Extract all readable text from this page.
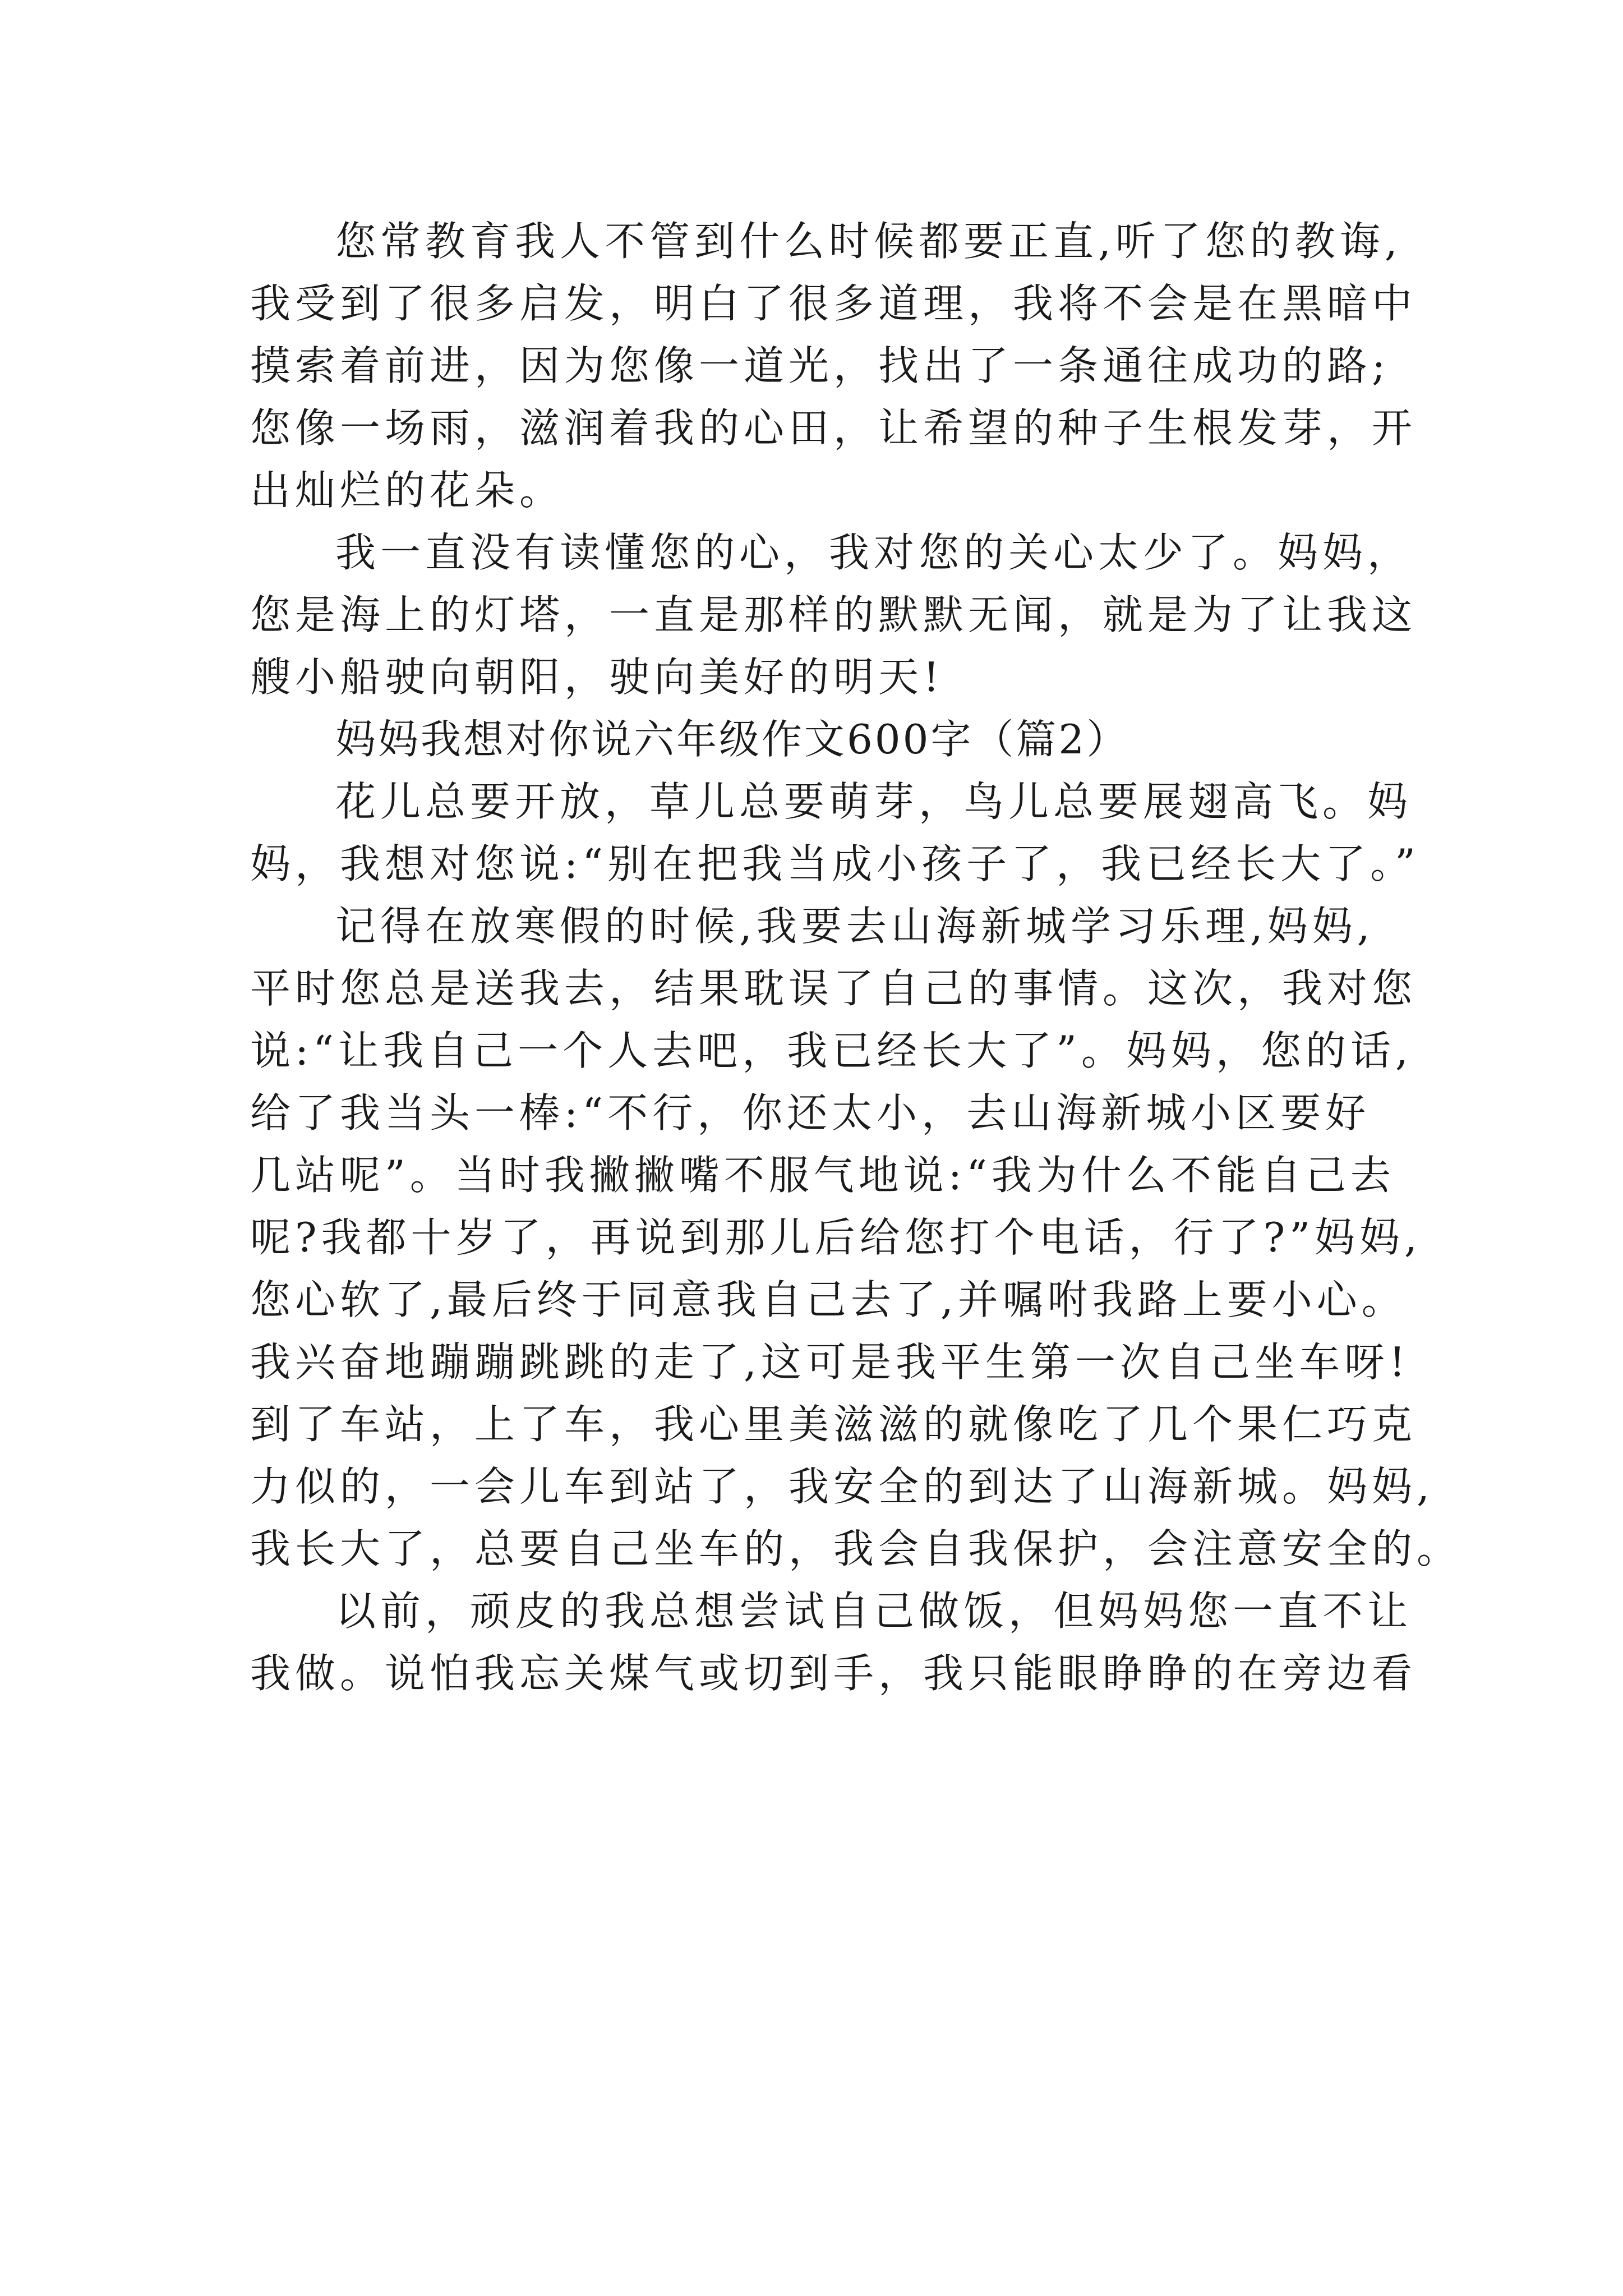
您常教育我人不管到什么时候都要正直,听了您的教诲,
我受到了很多启发，明白了很多道理，我将不会是在黑暗中
摸索着前进，因为您像一道光，找出了一条通往成功的路;
您像一场雨，滋润着我的心田，让希望的种子生根发芽，开
出灿烂的花朵。

我一直没有读懂您的心，我对您的关心太少了。妈妈，
您是海上的灯塔，一直是那样的默默无闻，就是为了让我这
艘小船驶向朝阳，驶向美好的明天!

妈妈我想对你说六年级作文600字（篇2）

花儿总要开放，草儿总要萌芽，鸟儿总要展翅高飞。妈
妈，我想对您说:“别在把我当成小孩子了，我已经长大了。”

记得在放寒假的时候,我要去山海新城学习乐理,妈妈,
平时您总是送我去，结果耽误了自己的事情。这次，我对您
说:“让我自己一个人去吧，我已经长大了”。妈妈，您的话,
给了我当头一棒:“不行，你还太小，去山海新城小区要好
几站呢”。当时我撇撇嘴不服气地说:“我为什么不能自己去
呢?我都十岁了，再说到那儿后给您打个电话，行了?”妈妈,
您心软了,最后终于同意我自己去了,并嘱咐我路上要小心。
我兴奋地蹦蹦跳跳的走了,这可是我平生第一次自己坐车呀!
到了车站，上了车，我心里美滋滋的就像吃了几个果仁巧克
力似的，一会儿车到站了，我安全的到达了山海新城。妈妈,
我长大了，总要自己坐车的，我会自我保护，会注意安全的。

以前，顽皮的我总想尝试自己做饭，但妈妈您一直不让
我做。说怕我忘关煤气或切到手，我只能眼睁睁的在旁边看
